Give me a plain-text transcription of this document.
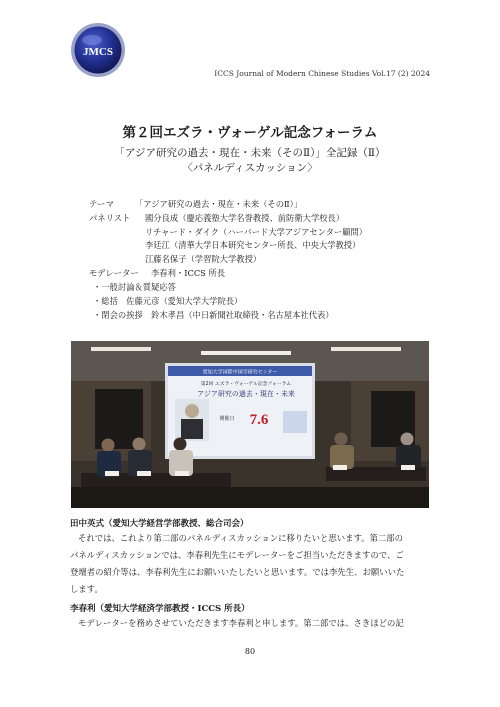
JMCS
ICCS Journal of Modern Chinese Studies Vol.17 (2) 2024
第２回エズラ・ヴォーゲル記念フォーラム
「アジア研究の過去・現在・未来（そのⅡ）」全記録（Ⅱ）
〈パネルディスカッション〉
テーマ	「アジア研究の過去・現在・未来（そのⅡ）」
パネリスト 國分良成（慶応義塾大学名誉教授、前防衛大学校長）
リチャード・ダイク（ハーバード大学アジアセンター顧問）
李廷江（清華大学日本研究センター所長、中央大学教授）
江藤名保子（学習院大学教授）
モデレーター 李春利・ICCS 所長
・一般討論＆質疑応答
・総括　佐藤元彦（愛知大学大学院長）
愛知大学国際中国学研究センター
第2回 エズラ・ヴォーゲル記念フォーラム
アジア研究の過去・現在・未来
開催日 7.6
田中英式（愛知大学経営学部教授、総合司会）
それでは、これより第二部のパネルディスカッションに移りたいと思います。第二部の
パネルディスカッションでは、李春利先生にモデレーターをご担当いただきますので、ご
登壇者の紹介等は、李春利先生にお願いいたしたいと思います。では李先生、お願いいた
します。
李春利（愛知大学経済学部教授・ICCS 所長）
モデレーターを務めさせていただきます李春利と申します。第二部では、さきほどの記
80
・閉会の挨拶　鈴木孝昌（中日新聞社取締役・名古屋本社代表）
